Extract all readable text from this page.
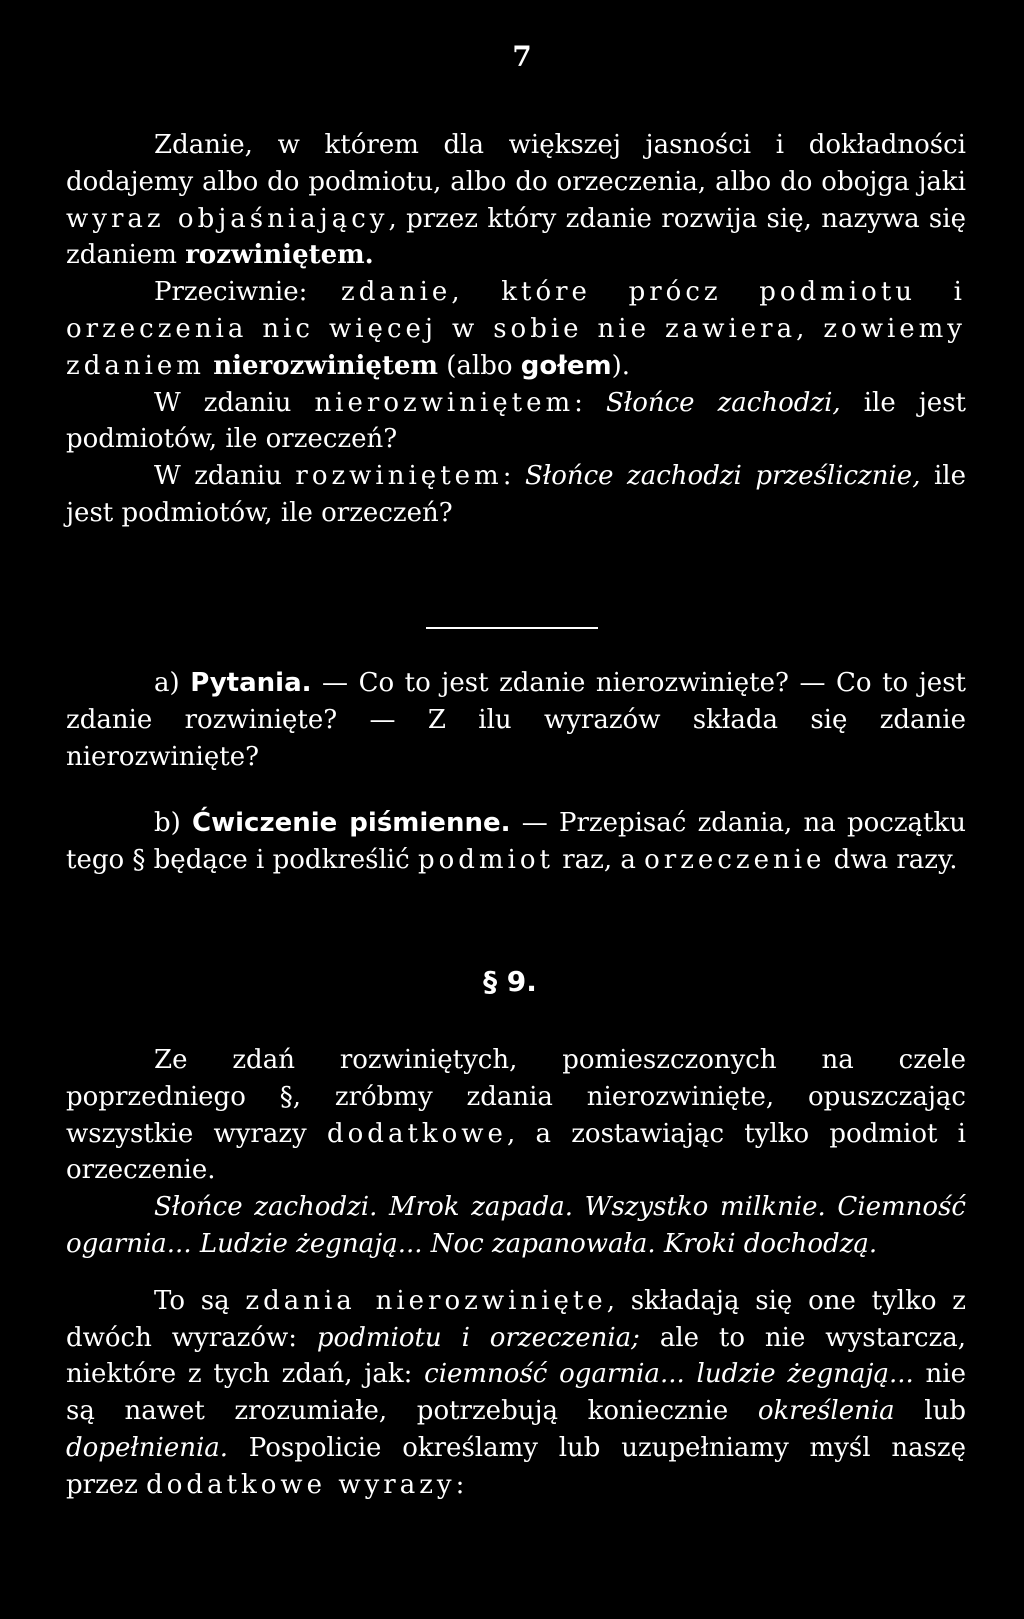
7

Zdanie, w którem dla większej jasności i dokładności dodajemy albo do podmiotu, albo do orzeczenia, albo do obojga jaki wyraz objaśniający, przez który zdanie rozwija się, nazywa się zdaniem rozwiniętem.

Przeciwnie: zdanie, które prócz podmiotu i orzeczenia nic więcej w sobie nie zawiera, zowiemy zdaniem nierozwiniętem (albo gołem).

W zdaniu nierozwiniętem: Słońce zachodzi, ile jest podmiotów, ile orzeczeń?

W zdaniu rozwiniętem: Słońce zachodzi prześlicznie, ile jest podmiotów, ile orzeczeń?

a) Pytania. — Co to jest zdanie nierozwinięte? — Co to jest zdanie rozwinięte? — Z ilu wyrazów składa się zdanie nierozwinięte?

b) Ćwiczenie piśmienne. — Przepisać zdania, na początku tego § będące i podkreślić podmiot raz, a orzeczenie dwa razy.

§ 9.

Ze zdań rozwiniętych, pomieszczonych na czele poprzedniego §, zróbmy zdania nierozwinięte, opuszczając wszystkie wyrazy dodatkowe, a zostawiając tylko podmiot i orzeczenie.

Słońce zachodzi. Mrok zapada. Wszystko milknie. Ciemność ogarnia... Ludzie żegnają... Noc zapanowała. Kroki dochodzą.

To są zdania nierozwinięte, składają się one tylko z dwóch wyrazów: podmiotu i orzeczenia; ale to nie wystarcza, niektóre z tych zdań, jak: ciemność ogarnia... ludzie żegnają... nie są nawet zrozumiałe, potrzebują koniecznie określenia lub dopełnienia. Pospolicie określamy lub uzupełniamy myśl naszę przez dodatkowe wyrazy:
